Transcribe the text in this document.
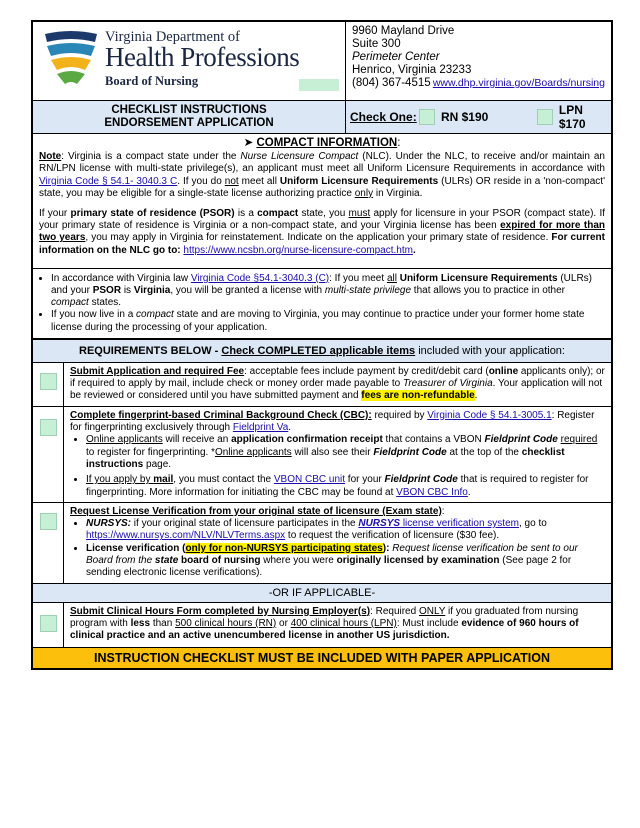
Virginia Department of
Health Professions
Board of Nursing
9960 Mayland Drive
Suite 300
Perimeter Center
Henrico, Virginia 23233
(804) 367-4515 www.dhp.virginia.gov/Boards/nursing
CHECKLIST INSTRUCTIONS
ENDORSEMENT APPLICATION	Check One: RN $190	LPN $170
➤ COMPACT INFORMATION:

Note: Virginia is a compact state under the Nurse Licensure Compact (NLC). Under the NLC, to receive and/or maintain an RN/LPN license with multi-state privilege(s), an applicant must meet all Uniform Licensure Requirements in accordance with Virginia Code § 54.1- 3040.3 C. If you do not meet all Uniform Licensure Requirements (ULRs) OR reside in a 'non-compact' state, you may be eligible for a single-state license authorizing practice only in Virginia.

If your primary state of residence (PSOR) is a compact state, you must apply for licensure in your PSOR (compact state). If your primary state of residence is Virginia or a non-compact state, and your Virginia license has been expired for more than two years, you may apply in Virginia for reinstatement. Indicate on the application your primary state of residence. For current information on the NLC go to: https://www.ncsbn.org/nurse-licensure-compact.htm.

• In accordance with Virginia law Virginia Code §54.1-3040.3 (C): If you meet all Uniform Licensure Requirements (ULRs) and your PSOR is Virginia, you will be granted a license with multi-state privilege that allows you to practice in other compact states.
• If you now live in a compact state and are moving to Virginia, you may continue to practice under your former home state license during the processing of your application.
REQUIREMENTS BELOW - Check COMPLETED applicable items included with your application:
Submit Application and required Fee: acceptable fees include payment by credit/debit card (online applicants only); or if required to apply by mail, include check or money order made payable to Treasurer of Virginia. Your application will not be reviewed or considered until you have submitted payment and fees are non-refundable.
Complete fingerprint-based Criminal Background Check (CBC): required by Virginia Code § 54.1-3005.1: Register for fingerprinting exclusively through Fieldprint Va.
• Online applicants will receive an application confirmation receipt that contains a VBON Fieldprint Code required to register for fingerprinting. *Online applicants will also see their Fieldprint Code at the top of the checklist instructions page.
• If you apply by mail, you must contact the VBON CBC unit for your Fieldprint Code that is required to register for fingerprinting. More information for initiating the CBC may be found at VBON CBC Info.
Request License Verification from your original state of licensure (Exam state):
• NURSYS: if your original state of licensure participates in the NURSYS license verification system, go to https://www.nursys.com/NLV/NLVTerms.aspx to request the verification of licensure ($30 fee).
• License verification (only for non-NURSYS participating states): Request license verification be sent to our Board from the state board of nursing where you were originally licensed by examination (See page 2 for sending electronic license verifications).
-OR IF APPLICABLE-
Submit Clinical Hours Form completed by Nursing Employer(s): Required ONLY if you graduated from nursing program with less than 500 clinical hours (RN) or 400 clinical hours (LPN): Must include evidence of 960 hours of clinical practice and an active unencumbered license in another US jurisdiction.
INSTRUCTION CHECKLIST MUST BE INCLUDED WITH PAPER APPLICATION
